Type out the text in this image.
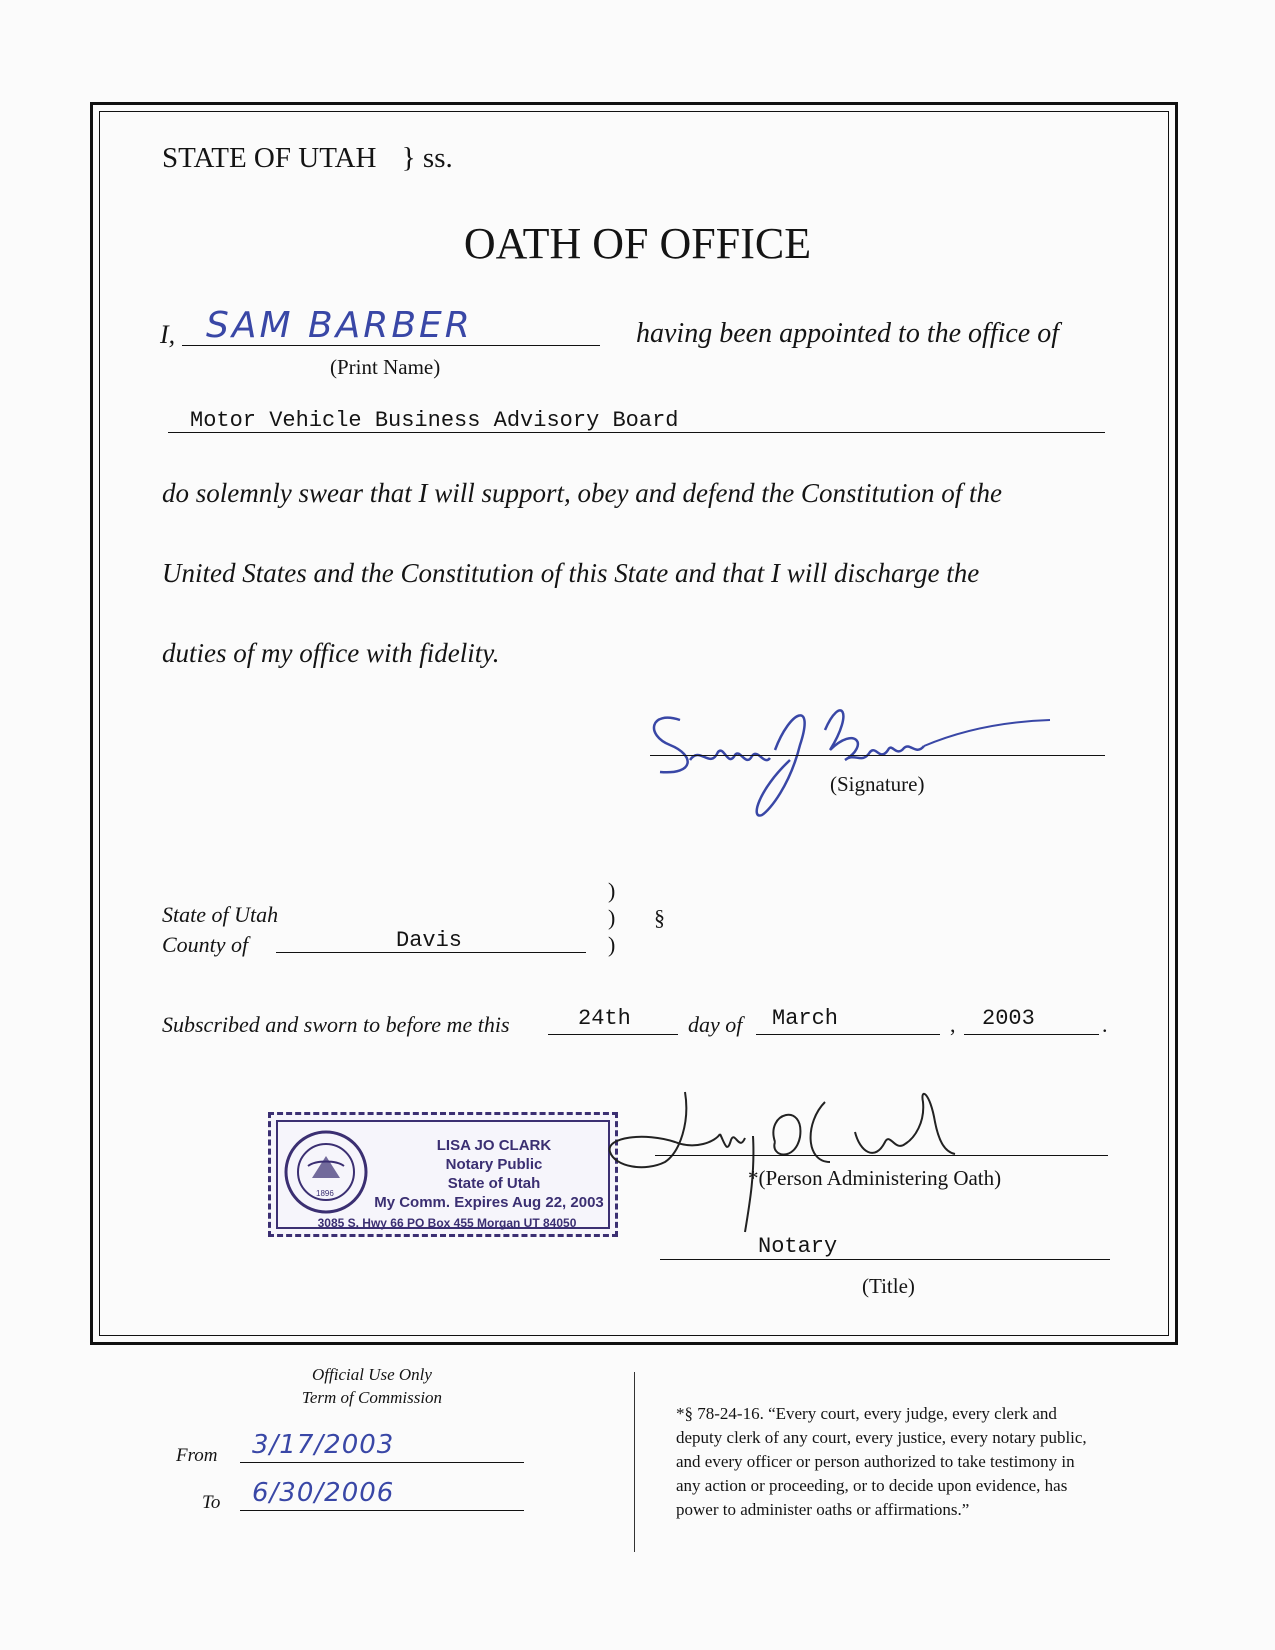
STATE OF UTAH } ss.
OATH OF OFFICE
I, SAM BARBER
(Print Name)
having been appointed to the office of
Motor Vehicle Business Advisory Board
do solemnly swear that I will support, obey and defend the Constitution of the
United States and the Constitution of this State and that I will discharge the
duties of my office with fidelity.
Sam J Barber
(Signature)
State of Utah
County of	Davis
)
)
)
§
Subscribed and sworn to before me this	24th	day of March	, 2003	.
THE GREAT SEAL OF THE STATE OF UTAH
1896
LISA JO CLARK
Notary Public
State of Utah
My Comm. Expires Aug 22, 2003
3085 S. Hwy 66 PO Box 455 Morgan UT 84050
Lisa Jo Clark
*(Person Administering Oath)
Notary
(Title)
Official Use Only
Term of Commission
From 3/17/2003
To 6/30/2006
*§ 78-24-16. “Every court, every judge, every clerk and
deputy clerk of any court, every justice, every notary public,
and every officer or person authorized to take testimony in
any action or proceeding, or to decide upon evidence, has
power to administer oaths or affirmations.”
